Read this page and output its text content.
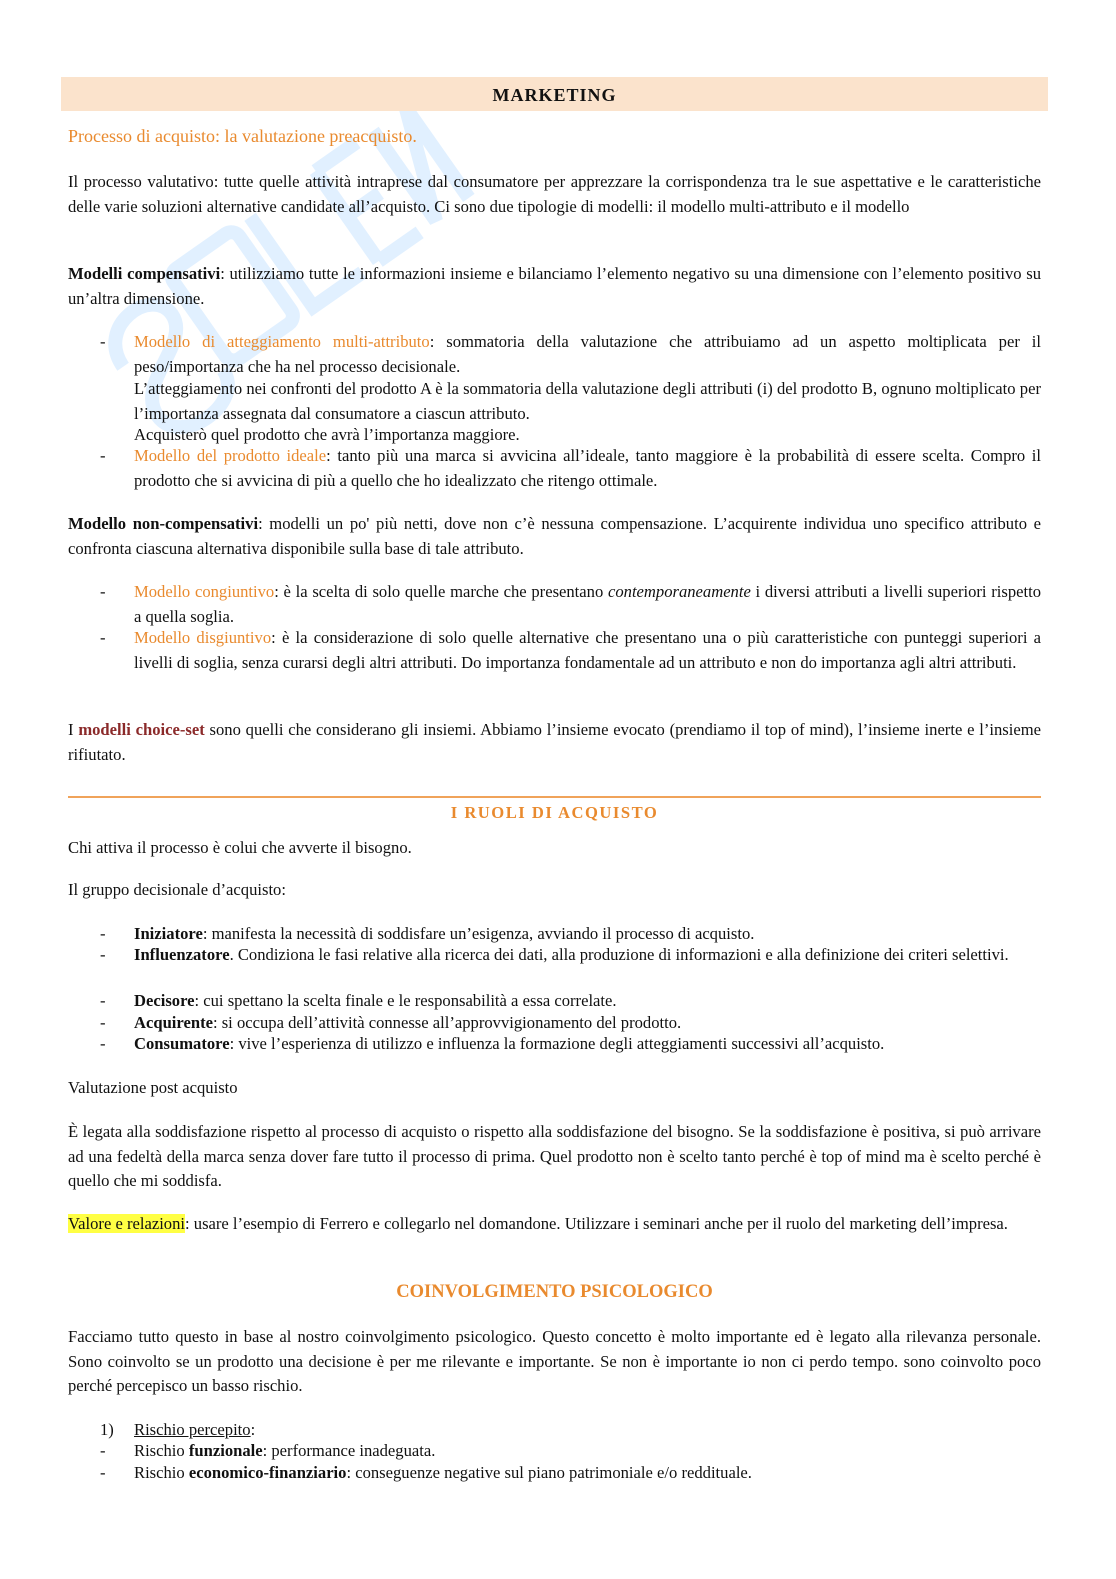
MARKETING
Processo di acquisto: la valutazione preacquisto.
Il processo valutativo: tutte quelle attività intraprese dal consumatore per apprezzare la corrispondenza tra le sue aspettative e le caratteristiche delle varie soluzioni alternative candidate all’acquisto. Ci sono due tipologie di modelli: il modello multi-attributo e il modello
Modelli compensativi: utilizziamo tutte le informazioni insieme e bilanciamo l’elemento negativo su una dimensione con l’elemento positivo su un’altra dimensione.
- Modello di atteggiamento multi-attributo: sommatoria della valutazione che attribuiamo ad un aspetto moltiplicata per il peso/importanza che ha nel processo decisionale.
L’atteggiamento nei confronti del prodotto A è la sommatoria della valutazione degli attributi (i) del prodotto B, ognuno moltiplicato per l’importanza assegnata dal consumatore a ciascun attributo.
Acquisterò quel prodotto che avrà l’importanza maggiore.
- Modello del prodotto ideale: tanto più una marca si avvicina all’ideale, tanto maggiore è la probabilità di essere scelta. Compro il prodotto che si avvicina di più a quello che ho idealizzato che ritengo ottimale.
Modello non-compensativi: modelli un po' più netti, dove non c’è nessuna compensazione. L’acquirente individua uno specifico attributo e confronta ciascuna alternativa disponibile sulla base di tale attributo.
- Modello congiuntivo: è la scelta di solo quelle marche che presentano contemporaneamente i diversi attributi a livelli superiori rispetto a quella soglia.
- Modello disgiuntivo: è la considerazione di solo quelle alternative che presentano una o più caratteristiche con punteggi superiori a livelli di soglia, senza curarsi degli altri attributi. Do importanza fondamentale ad un attributo e non do importanza agli altri attributi.
I modelli choice-set sono quelli che considerano gli insiemi. Abbiamo l’insieme evocato (prendiamo il top of mind), l’insieme inerte e l’insieme rifiutato.
I RUOLI DI ACQUISTO
Chi attiva il processo è colui che avverte il bisogno.
Il gruppo decisionale d’acquisto:
- Iniziatore: manifesta la necessità di soddisfare un’esigenza, avviando il processo di acquisto.
- Influenzatore. Condiziona le fasi relative alla ricerca dei dati, alla produzione di informazioni e alla definizione dei criteri selettivi.
- Decisore: cui spettano la scelta finale e le responsabilità a essa correlate.
- Acquirente: si occupa dell’attività connesse all’approvvigionamento del prodotto.
- Consumatore: vive l’esperienza di utilizzo e influenza la formazione degli atteggiamenti successivi all’acquisto.
Valutazione post acquisto
È legata alla soddisfazione rispetto al processo di acquisto o rispetto alla soddisfazione del bisogno. Se la soddisfazione è positiva, si può arrivare ad una fedeltà della marca senza dover fare tutto il processo di prima. Quel prodotto non è scelto tanto perché è top of mind ma è scelto perché è quello che mi soddisfa.
Valore e relazioni: usare l’esempio di Ferrero e collegarlo nel domandone. Utilizzare i seminari anche per il ruolo del marketing dell’impresa.
COINVOLGIMENTO PSICOLOGICO
Facciamo tutto questo in base al nostro coinvolgimento psicologico. Questo concetto è molto importante ed è legato alla rilevanza personale. Sono coinvolto se un prodotto una decisione è per me rilevante e importante. Se non è importante io non ci perdo tempo. sono coinvolto poco perché percepisco un basso rischio.
1) Rischio percepito:
- Rischio funzionale: performance inadeguata.
- Rischio economico-finanziario: conseguenze negative sul piano patrimoniale e/o reddituale.
